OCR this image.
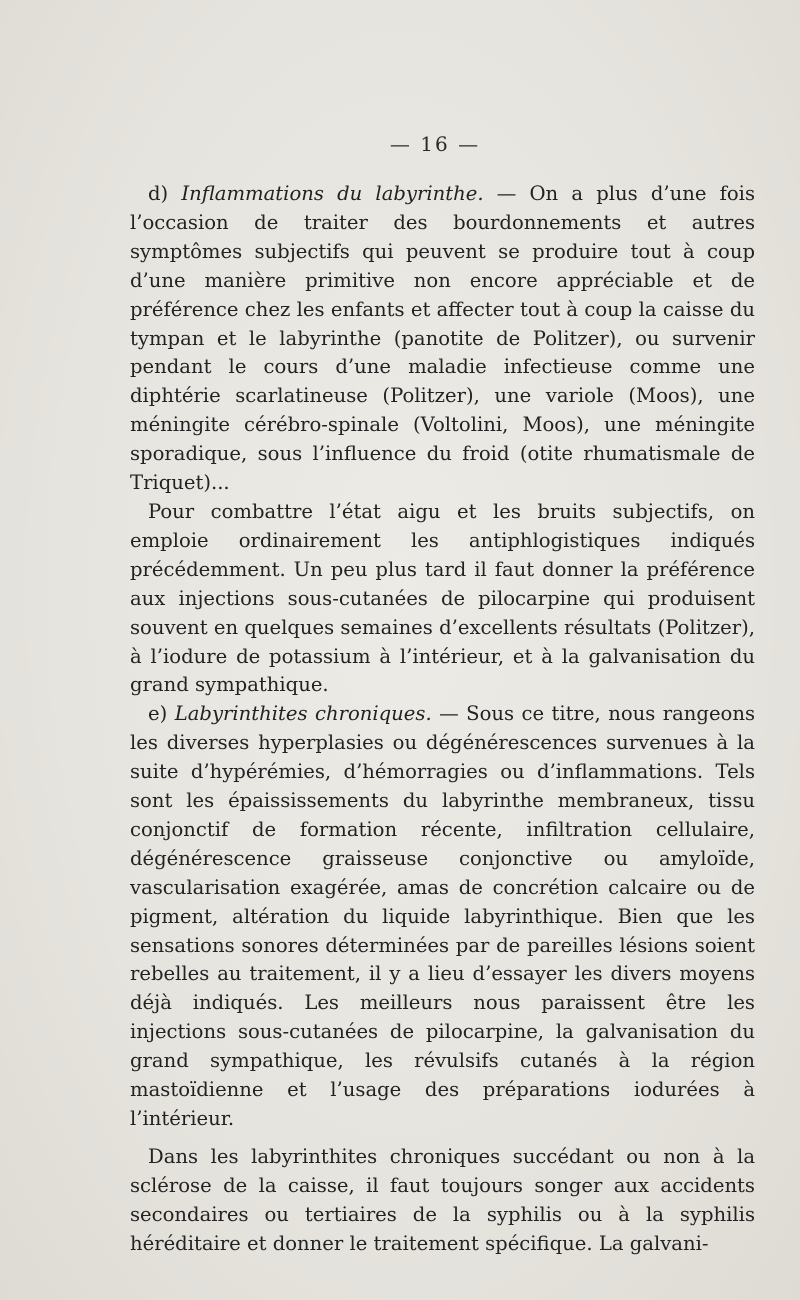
— 16 —

d) Inflammations du labyrinthe. — On a plus d’une fois l’occasion de traiter des bourdonnements et autres symptômes subjectifs qui peuvent se produire tout à coup d’une manière primitive non encore appréciable et de préférence chez les enfants et affecter tout à coup la caisse du tympan et le labyrinthe (panotite de Politzer), ou survenir pendant le cours d’une maladie infectieuse comme une diphtérie scarlatineuse (Politzer), une variole (Moos), une méningite cérébro-spinale (Voltolini, Moos), une méningite sporadique, sous l’influence du froid (otite rhumatismale de Triquet)...

Pour combattre l’état aigu et les bruits subjectifs, on emploie ordinairement les antiphlogistiques indiqués précédemment. Un peu plus tard il faut donner la préférence aux injections sous-cutanées de pilocarpine qui produisent souvent en quelques semaines d’excellents résultats (Politzer), à l’iodure de potassium à l’intérieur, et à la galvanisation du grand sympathique.

e) Labyrinthites chroniques. — Sous ce titre, nous rangeons les diverses hyperplasies ou dégénérescences survenues à la suite d’hypérémies, d’hémorragies ou d’inflammations. Tels sont les épaississements du labyrinthe membraneux, tissu conjonctif de formation récente, infiltration cellulaire, dégénérescence graisseuse conjonctive ou amyloïde, vascularisation exagérée, amas de concrétion calcaire ou de pigment, altération du liquide labyrinthique. Bien que les sensations sonores déterminées par de pareilles lésions soient rebelles au traitement, il y a lieu d’essayer les divers moyens déjà indiqués. Les meilleurs nous paraissent être les injections sous-cutanées de pilocarpine, la galvanisation du grand sympathique, les révulsifs cutanés à la région mastoïdienne et l’usage des préparations iodurées à l’intérieur.

Dans les labyrinthites chroniques succédant ou non à la sclérose de la caisse, il faut toujours songer aux accidents secondaires ou tertiaires de la syphilis ou à la syphilis héréditaire et donner le traitement spécifique. La galvani-
